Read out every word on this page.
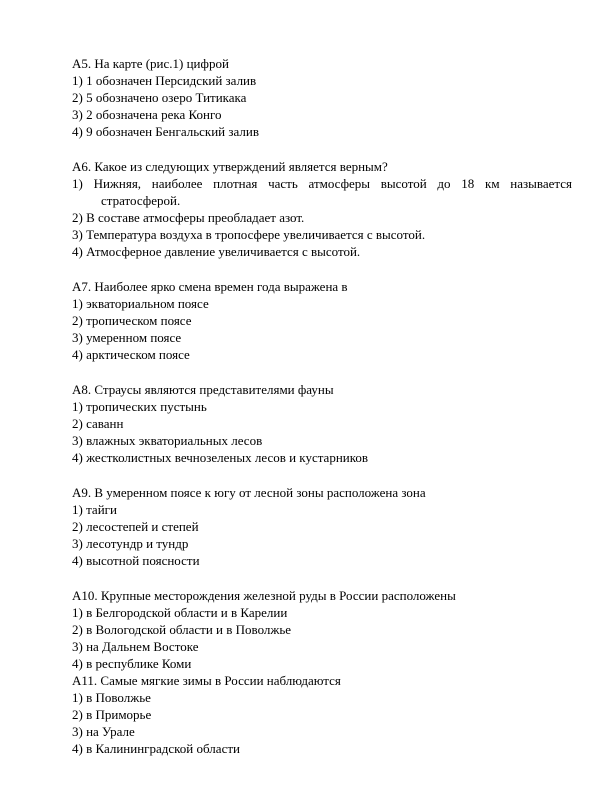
А5. На карте (рис.1) цифрой
1) 1 обозначен Персидский залив
2) 5 обозначено озеро Титикака
3) 2 обозначена река Конго
4) 9 обозначен Бенгальский залив
А6. Какое из следующих утверждений является верным?
1) Нижняя, наиболее плотная часть атмосферы высотой до 18 км называется
стратосферой.
2) В составе атмосферы преобладает азот.
3) Температура воздуха в тропосфере увеличивается с высотой.
4) Атмосферное давление увеличивается с высотой.
А7. Наиболее ярко смена времен года выражена в
1) экваториальном поясе
2) тропическом поясе
3) умеренном поясе
4) арктическом поясе
А8. Страусы являются представителями фауны
1) тропических пустынь
2) саванн
3) влажных экваториальных лесов
4) жестколистных вечнозеленых лесов и кустарников
А9. В умеренном поясе к югу от лесной зоны расположена зона
1) тайги
2) лесостепей и степей
3) лесотундр и тундр
4) высотной поясности
А10. Крупные месторождения железной руды в России расположены
1) в Белгородской области и в Карелии
2) в Вологодской области и в Поволжье
3) на Дальнем Востоке
4) в республике Коми
А11. Самые мягкие зимы в России наблюдаются
1) в Поволжье
2) в Приморье
3) на Урале
4) в Калининградской области
